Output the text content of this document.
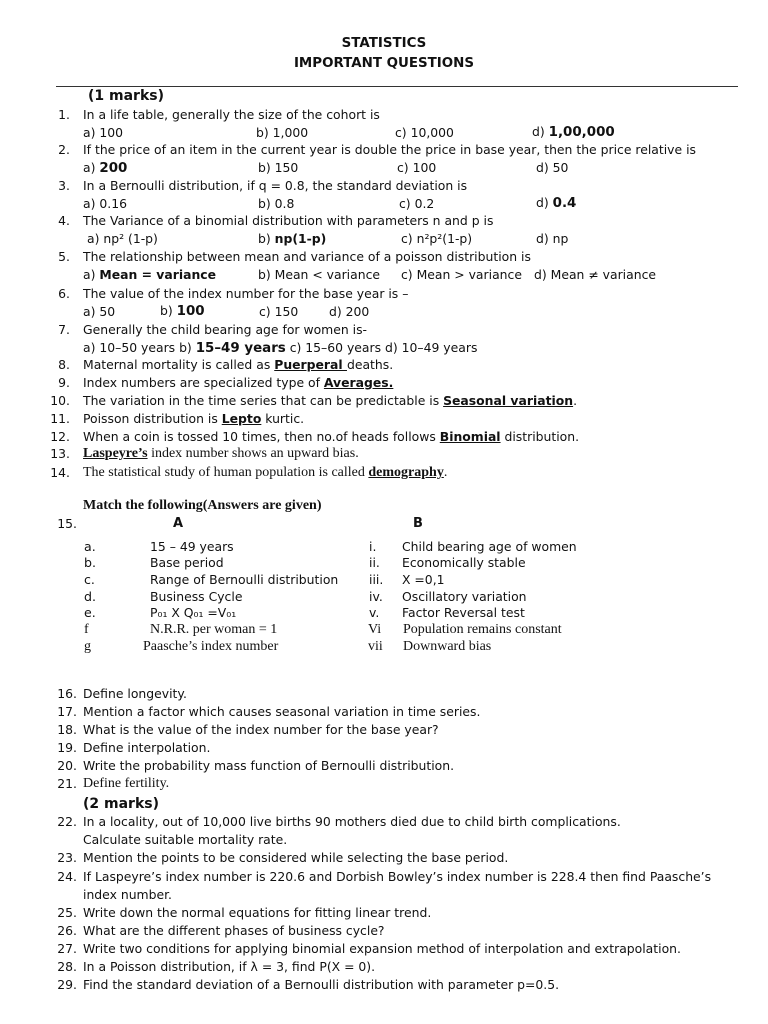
STATISTICS
IMPORTANT QUESTIONS
(1 marks)
1. In a life table, generally the size of the cohort is
a) 100	b) 1,000	c) 10,000	d) 1,00,000
2. If the price of an item in the current year is double the price in base year, then the price relative is
a) 200	b) 150	c) 100	d) 50
3. In a Bernoulli distribution, if q = 0.8, the standard deviation is
a) 0.16	b) 0.8	c) 0.2	d) 0.4
4. The Variance of a binomial distribution with parameters n and p is
a) np² (1-p)	b) np(1-p)	c) n²p²(1-p)	d) np
5. The relationship between mean and variance of a poisson distribution is
a) Mean = variance	b) Mean < variance c) Mean > variance d) Mean ≠ variance
6. The value of the index number for the base year is –
a) 50	b) 100	c) 150 d) 200
7. Generally the child bearing age for women is-
a) 10–50 years b) 15–49 years c) 15–60 years d) 10–49 years
8. Maternal mortality is called as Puerperal deaths.
9. Index numbers are specialized type of Averages.
10. The variation in the time series that can be predictable is Seasonal variation.
11. Poisson distribution is Lepto kurtic.
12. When a coin is tossed 10 times, then no.of heads follows Binomial distribution.
13. Laspeyre’s index number shows an upward bias.
14. The statistical study of human population is called demography.
Match the following(Answers are given)
15.	A	B
a.	15 – 49 years	i. Child bearing age of women
b.	Base period	ii. Economically stable
c.	Range of Bernoulli distribution iii. X =0,1
d.	Business Cycle	iv. Oscillatory variation
e.	P₀₁ X Q₀₁ =V₀₁	v. Factor Reversal test
f	N.R.R. per woman = 1	Vi Population remains constant
g	Paasche’s index number	vii Downward bias
16. Define longevity.
17. Mention a factor which causes seasonal variation in time series.
18. What is the value of the index number for the base year?
19. Define interpolation.
20. Write the probability mass function of Bernoulli distribution.
21. Define fertility.
(2 marks)
22. In a locality, out of 10,000 live births 90 mothers died due to child birth complications.
Calculate suitable mortality rate.
23. Mention the points to be considered while selecting the base period.
24. If Laspeyre’s index number is 220.6 and Dorbish Bowley’s index number is 228.4 then find Paasche’s
index number.
25. Write down the normal equations for fitting linear trend.
26. What are the different phases of business cycle?
27. Write two conditions for applying binomial expansion method of interpolation and extrapolation.
28. In a Poisson distribution, if λ = 3, find P(X = 0).
29. Find the standard deviation of a Bernoulli distribution with parameter p=0.5.
